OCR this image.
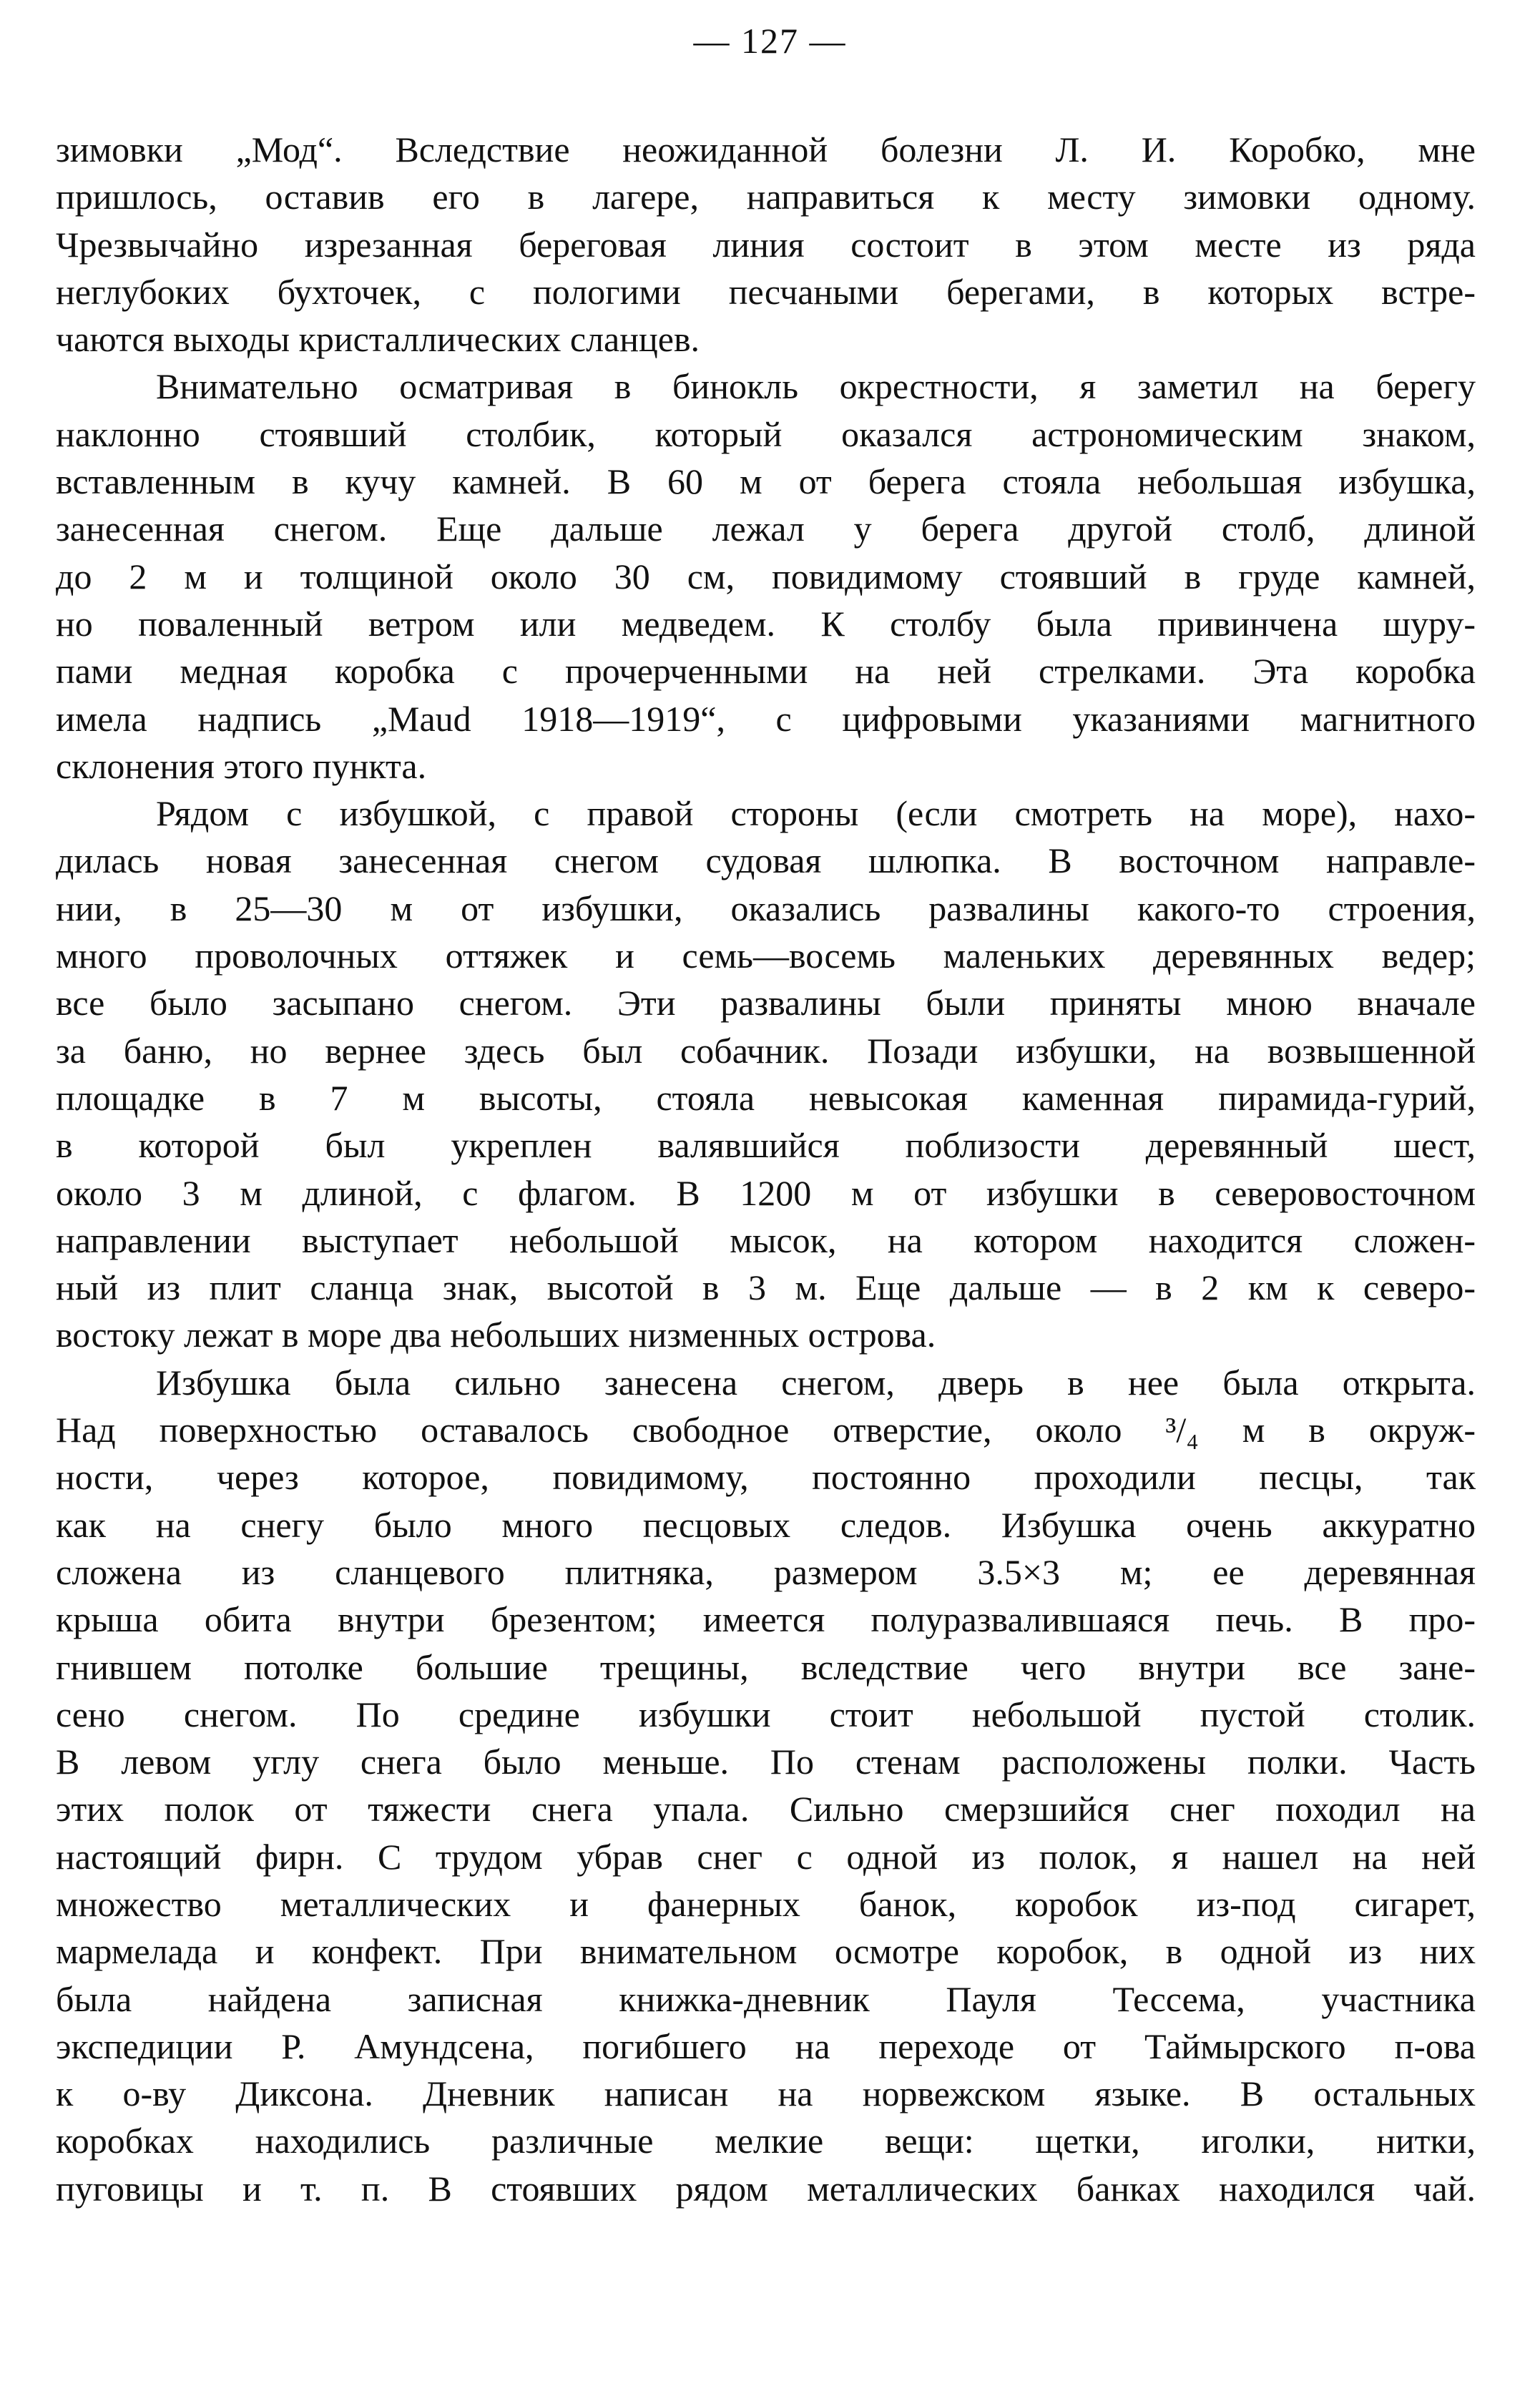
— 127 —
зимовки „Мод“. Вследствие неожиданной болезни Л. И. Коробко, мне
пришлось, оставив его в лагере, направиться к месту зимовки одному.
Чрезвычайно изрезанная береговая линия состоит в этом месте из ряда
неглубоких бухточек, с пологими песчаными берегами, в которых встре-
чаются выходы кристаллических сланцев.
Внимательно осматривая в бинокль окрестности, я заметил на берегу
наклонно стоявший столбик, который оказался астрономическим знаком,
вставленным в кучу камней. В 60 м от берега стояла небольшая избушка,
занесенная снегом. Еще дальше лежал у берега другой столб, длиной
до 2 м и толщиной около 30 см, повидимому стоявший в груде камней,
но поваленный ветром или медведем. К столбу была привинчена шуру-
пами медная коробка с прочерченными на ней стрелками. Эта коробка
имела надпись „Maud 1918—1919“, с цифровыми указаниями магнитного
склонения этого пункта.
Рядом с избушкой, с правой стороны (если смотреть на море), нахо-
дилась новая занесенная снегом судовая шлюпка. В восточном направле-
нии, в 25—30 м от избушки, оказались развалины какого-то строения,
много проволочных оттяжек и семь—восемь маленьких деревянных ведер;
все было засыпано снегом. Эти развалины были приняты мною вначале
за баню, но вернее здесь был собачник. Позади избушки, на возвышенной
площадке в 7 м высоты, стояла невысокая каменная пирамида-гурий,
в которой был укреплен валявшийся поблизости деревянный шест,
около 3 м длиной, с флагом. В 1200 м от избушки в северовосточном
направлении выступает небольшой мысок, на котором находится сложен-
ный из плит сланца знак, высотой в 3 м. Еще дальше — в 2 км к северо-
востоку лежат в море два небольших низменных острова.
Избушка была сильно занесена снегом, дверь в нее была открыта.
Над поверхностью оставалось свободное отверстие, около ³/₄ м в окруж-
ности, через которое, повидимому, постоянно проходили песцы, так
как на снегу было много песцовых следов. Избушка очень аккуратно
сложена из сланцевого плитняка, размером 3.5×3 м; ее деревянная
крыша обита внутри брезентом; имеется полуразвалившаяся печь. В про-
гнившем потолке большие трещины, вследствие чего внутри все зане-
сено снегом. По средине избушки стоит небольшой пустой столик.
В левом углу снега было меньше. По стенам расположены полки. Часть
этих полок от тяжести снега упала. Сильно смерзшийся снег походил на
настоящий фирн. С трудом убрав снег с одной из полок, я нашел на ней
множество металлических и фанерных банок, коробок из-под сигарет,
мармелада и конфект. При внимательном осмотре коробок, в одной из них
была найдена записная книжка-дневник Пауля Тессема, участника
экспедиции Р. Амундсена, погибшего на переходе от Таймырского п-ова
к о-ву Диксона. Дневник написан на норвежском языке. В остальных
коробках находились различные мелкие вещи: щетки, иголки, нитки,
пуговицы и т. п. В стоявших рядом металлических банках находился чай.
